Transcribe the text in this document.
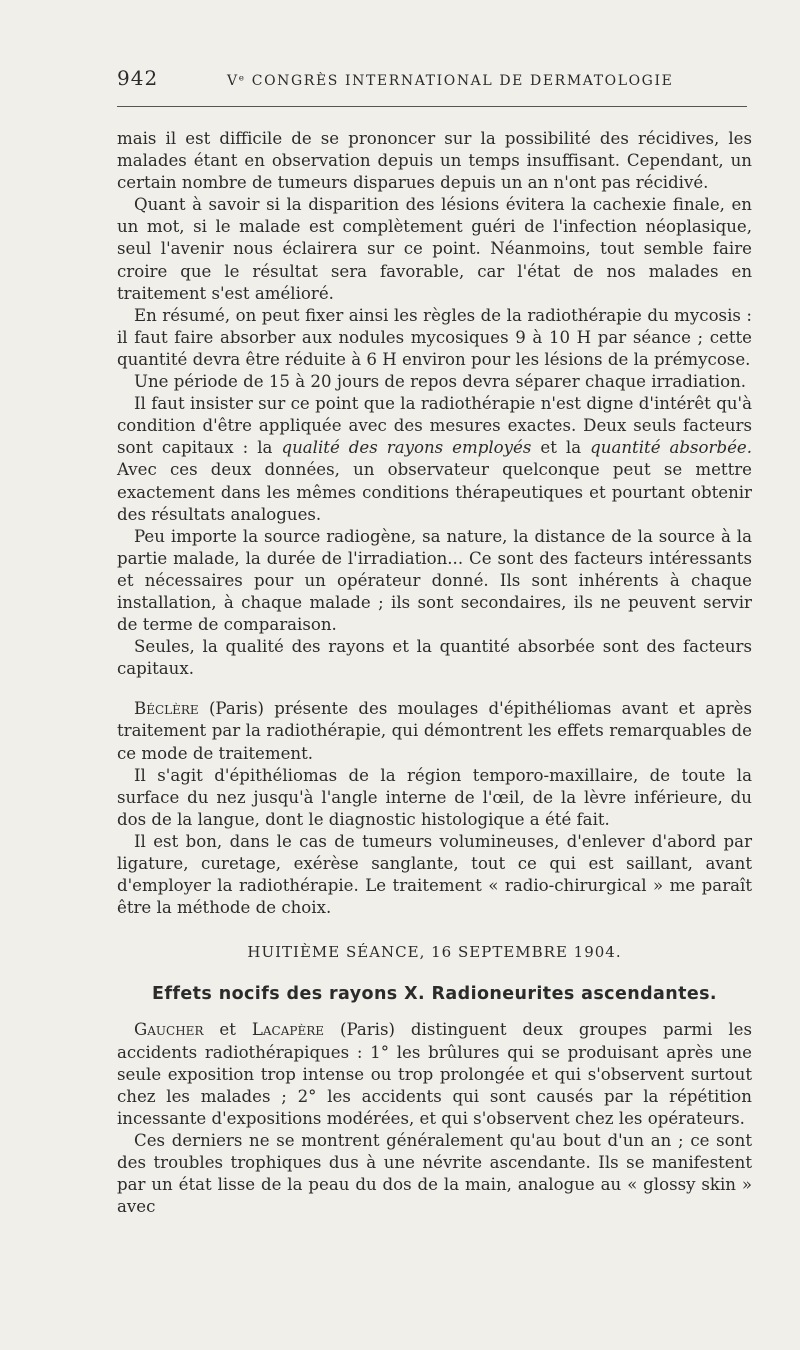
942	Vᵉ CONGRÈS INTERNATIONAL DE DERMATOLOGIE

mais il est difficile de se prononcer sur la possibilité des récidives, les malades étant en observation depuis un temps insuffisant. Cependant, un certain nombre de tumeurs disparues depuis un an n'ont pas récidivé.

Quant à savoir si la disparition des lésions évitera la cachexie finale, en un mot, si le malade est complètement guéri de l'infection néoplasique, seul l'avenir nous éclairera sur ce point. Néanmoins, tout semble faire croire que le résultat sera favorable, car l'état de nos malades en traitement s'est amélioré.

En résumé, on peut fixer ainsi les règles de la radiothérapie du mycosis : il faut faire absorber aux nodules mycosiques 9 à 10 H par séance ; cette quantité devra être réduite à 6 H environ pour les lésions de la prémycose.

Une période de 15 à 20 jours de repos devra séparer chaque irradiation.

Il faut insister sur ce point que la radiothérapie n'est digne d'intérêt qu'à condition d'être appliquée avec des mesures exactes. Deux seuls facteurs sont capitaux : la qualité des rayons employés et la quantité absorbée. Avec ces deux données, un observateur quelconque peut se mettre exactement dans les mêmes conditions thérapeutiques et pourtant obtenir des résultats analogues.

Peu importe la source radiogène, sa nature, la distance de la source à la partie malade, la durée de l'irradiation... Ce sont des facteurs intéressants et nécessaires pour un opérateur donné. Ils sont inhérents à chaque installation, à chaque malade ; ils sont secondaires, ils ne peuvent servir de terme de comparaison.

Seules, la qualité des rayons et la quantité absorbée sont des facteurs capitaux.

Béclère (Paris) présente des moulages d'épithéliomas avant et après traitement par la radiothérapie, qui démontrent les effets remarquables de ce mode de traitement.

Il s'agit d'épithéliomas de la région temporo-maxillaire, de toute la surface du nez jusqu'à l'angle interne de l'œil, de la lèvre inférieure, du dos de la langue, dont le diagnostic histologique a été fait.

Il est bon, dans le cas de tumeurs volumineuses, d'enlever d'abord par ligature, curetage, exérèse sanglante, tout ce qui est saillant, avant d'employer la radiothérapie. Le traitement « radio-chirurgical » me paraît être la méthode de choix.

HUITIÈME SÉANCE, 16 SEPTEMBRE 1904.
Effets nocifs des rayons X. Radioneurites ascendantes.

Gaucher et Lacapère (Paris) distinguent deux groupes parmi les accidents radiothérapiques : 1° les brûlures qui se produisant après une seule exposition trop intense ou trop prolongée et qui s'observent surtout chez les malades ; 2° les accidents qui sont causés par la répétition incessante d'expositions modérées, et qui s'observent chez les opérateurs.

Ces derniers ne se montrent généralement qu'au bout d'un an ; ce sont des troubles trophiques dus à une névrite ascendante. Ils se manifestent par un état lisse de la peau du dos de la main, analogue au « glossy skin » avec
